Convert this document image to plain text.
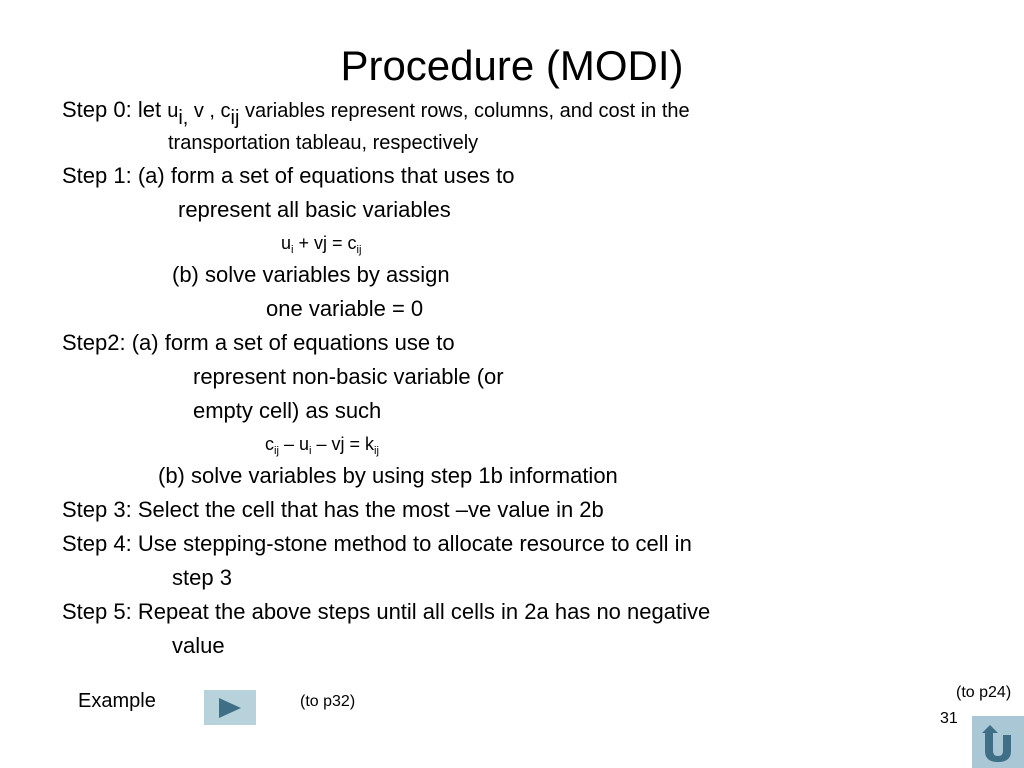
Procedure (MODI)
Step 0: let $u_{i,}$ v , $c_{ij}$ variables represent rows, columns, and cost in the
transportation tableau, respectively
Step 1: (a) form a set of equations that uses to
represent all basic variables
$u_i$ + vj = $c_{ij}$
(b) solve variables by assign
one variable = 0
Step2: (a) form a set of equations use to
represent non-basic variable (or
empty cell) as such
$c_{ij} - u_i$ – vj = $k_{ij}$
(b) solve variables by using step 1b information
Step 3: Select the cell that has the most –ve value in 2b
Step 4: Use stepping-stone method to allocate resource to cell in
step 3
Step 5: Repeat the above steps until all cells in 2a has no negative
value
Example	(to p32)
(to p24)
31
